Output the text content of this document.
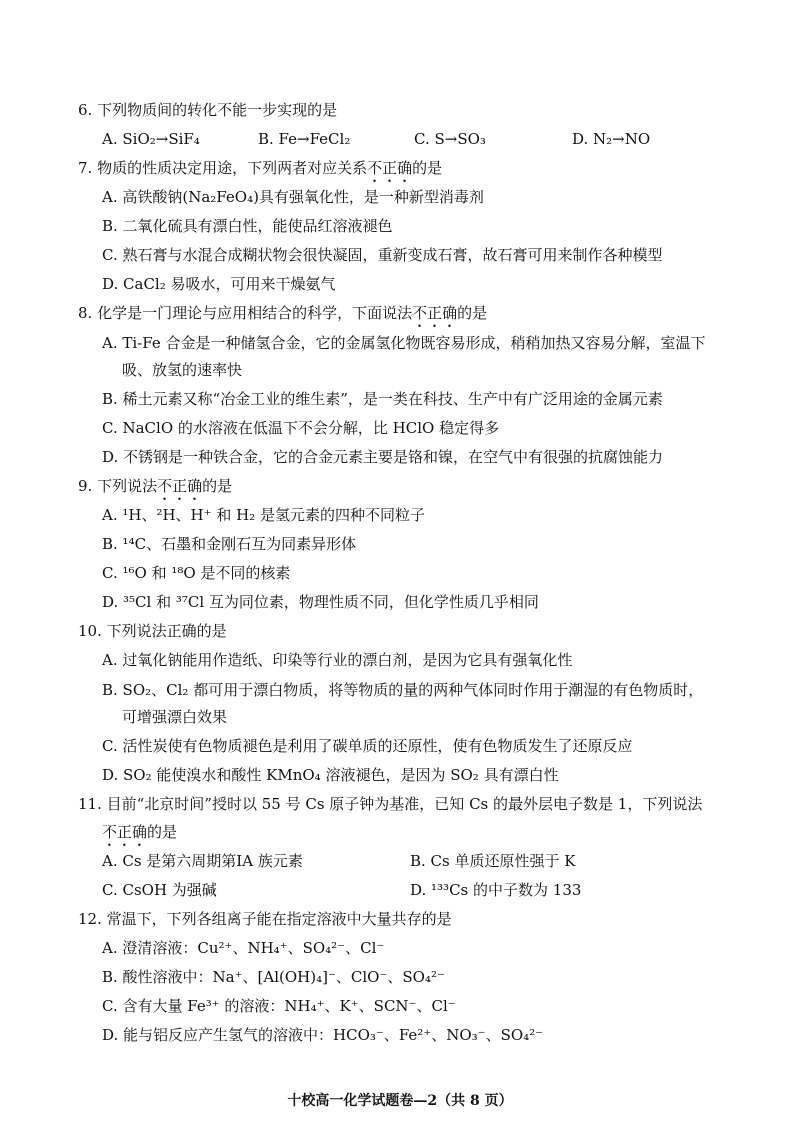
6. 下列物质间的转化不能一步实现的是
A. SiO₂→SiF₄	B. Fe→FeCl₂	C. S→SO₃	D. N₂→NO
7. 物质的性质决定用途，下列两者对应关系不正确的是
A. 高铁酸钠(Na₂FeO₄)具有强氧化性，是一种新型消毒剂
B. 二氧化硫具有漂白性，能使品红溶液褪色
C. 熟石膏与水混合成糊状物会很快凝固，重新变成石膏，故石膏可用来制作各种模型
D. CaCl₂ 易吸水，可用来干燥氨气
8. 化学是一门理论与应用相结合的科学，下面说法不正确的是
A. Ti-Fe 合金是一种储氢合金，它的金属氢化物既容易形成，稍稍加热又容易分解，室温下
吸、放氢的速率快
B. 稀土元素又称“冶金工业的维生素”，是一类在科技、生产中有广泛用途的金属元素
C. NaClO 的水溶液在低温下不会分解，比 HClO 稳定得多
D. 不锈钢是一种铁合金，它的合金元素主要是铬和镍，在空气中有很强的抗腐蚀能力
9. 下列说法不正确的是
A. ¹H、²H、H⁺ 和 H₂ 是氢元素的四种不同粒子
B. ¹⁴C、石墨和金刚石互为同素异形体
C. ¹⁶O 和 ¹⁸O 是不同的核素
D. ³⁵Cl 和 ³⁷Cl 互为同位素，物理性质不同，但化学性质几乎相同
10. 下列说法正确的是
A. 过氧化钠能用作造纸、印染等行业的漂白剂，是因为它具有强氧化性
B. SO₂、Cl₂ 都可用于漂白物质，将等物质的量的两种气体同时作用于潮湿的有色物质时，
可增强漂白效果
C. 活性炭使有色物质褪色是利用了碳单质的还原性，使有色物质发生了还原反应
D. SO₂ 能使溴水和酸性 KMnO₄ 溶液褪色，是因为 SO₂ 具有漂白性
11. 目前“北京时间”授时以 55 号 Cs 原子钟为基准，已知 Cs 的最外层电子数是 1，下列说法
不正确的是
A. Cs 是第六周期第ⅠA 族元素	B. Cs 单质还原性强于 K
C. CsOH 为强碱	D. ¹³³Cs 的中子数为 133
12. 常温下，下列各组离子能在指定溶液中大量共存的是
A. 澄清溶液：Cu²⁺、NH₄⁺、SO₄²⁻、Cl⁻
B. 酸性溶液中：Na⁺、[Al(OH)₄]⁻、ClO⁻、SO₄²⁻
C. 含有大量 Fe³⁺ 的溶液：NH₄⁺、K⁺、SCN⁻、Cl⁻
D. 能与铝反应产生氢气的溶液中：HCO₃⁻、Fe²⁺、NO₃⁻、SO₄²⁻
十校高一化学试题卷—2（共 8 页）
